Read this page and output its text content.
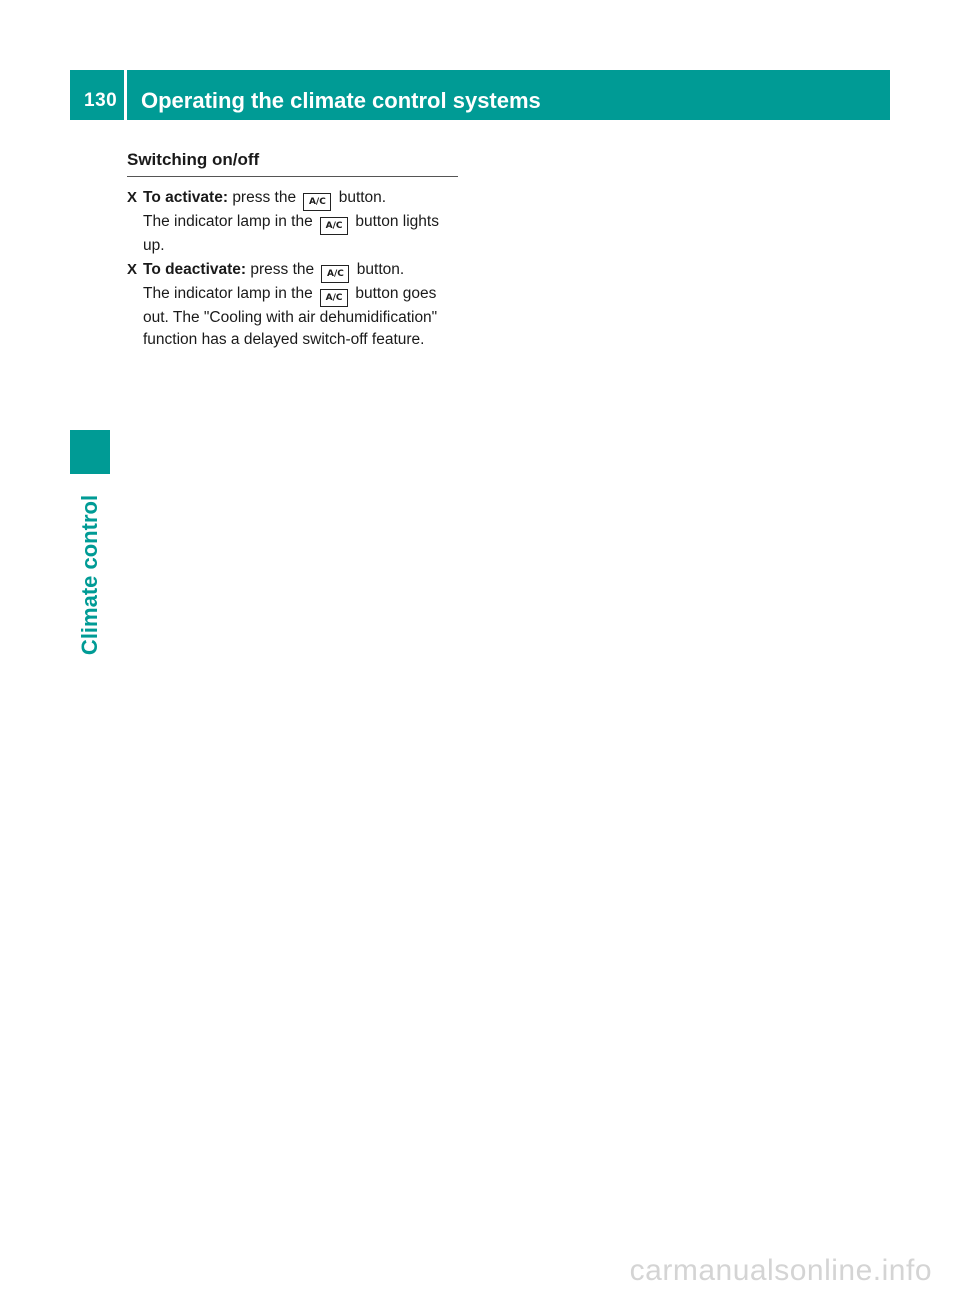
130 Operating the climate control systems
Climate control
Switching on/off
X To activate: press the A/C button.
The indicator lamp in the A/C button lights up.
X To deactivate: press the A/C button.
The indicator lamp in the A/C button goes out. The "Cooling with air dehumidification" function has a delayed switch-off feature.
carmanualsonline.info
